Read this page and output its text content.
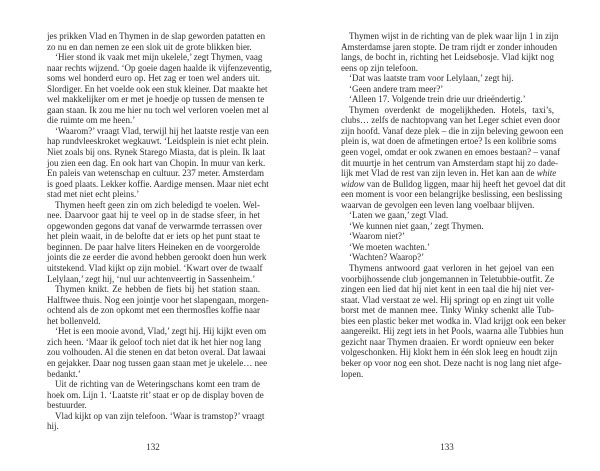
jes prikken Vlad en Thymen in de slap geworden patatten en
zo nu en dan nemen ze een slok uit de grote blikken bier.
‘Hier stond ik vaak met mijn ukelele,’ zegt Thymen, vaag
naar rechts wijzend. ‘Op goeie dagen haalde ik vijfenzeventig,
soms wel honderd euro op. Het zag er toen wel anders uit.
Slordiger. En het voelde ook een stuk kleiner. Dat maakte het
wel makkelijker om er met je hoedje op tussen de mensen te
gaan staan. Ik zou me hier nu toch wel verloren voelen met al
die ruimte om me heen.’
‘Waarom?’ vraagt Vlad, terwijl hij het laatste restje van een
hap rundvleeskroket wegkauwt. ‘Leidsplein is niet echt plein.
Niet zoals bij ons. Rynek Starego Miasta, dat is plein. Ik laat
jou zien een dag. En ook hart van Chopin. In muur van kerk.
En paleis van wetenschap en cultuur. 237 meter. Amsterdam
is goed plaats. Lekker koffie. Aardige mensen. Maar niet echt
stad met niet echt pleins.’
Thymen heeft geen zin om zich beledigd te voelen. Wel-
nee. Daarvoor gaat hij te veel op in de stadse sfeer, in het
opgewonden gegons dat vanaf de verwarmde terrassen over
het plein waait, in de belofte dat er iets op het punt staat te
beginnen. De paar halve liters Heineken en de voorgerolde
joints die ze eerder die avond hebben gerookt doen hun werk
uitstekend. Vlad kijkt op zijn mobiel. ‘Kwart over de twaalf
Lelylaan,’ zegt hij, ‘nul uur achtenveertig in Sassenheim.’
Thymen knikt. Ze hebben de fiets bij het station staan.
Halftwee thuis. Nog een jointje voor het slapengaan, morgen-
ochtend als de zon opkomt met een thermosfles koffie naar
het bollenveld.
‘Het is een mooie avond, Vlad,’ zegt hij. Hij kijkt even om
zich heen. ‘Maar ik geloof toch niet dat ik het hier nog lang
zou volhouden. Al die stenen en dat beton overal. Dat lawaai
en gejakker. Daar nog tussen gaan staan met je ukelele… nee
bedankt.’
Uit de richting van de Weteringschans komt een tram de
hoek om. Lijn 1. ‘Laatste rit’ staat er op de display boven de
bestuurder.
Vlad kijkt op van zijn telefoon. ‘Waar is tramstop?’ vraagt
hij.
132
Thymen wijst in de richting van de plek waar lijn 1 in zijn
Amsterdamse jaren stopte. De tram rijdt er zonder inhouden
langs, de bocht in, richting het Leidsebosje. Vlad kijkt nog
eens op zijn telefoon.
‘Dat was laatste tram voor Lelylaan,’ zegt hij.
‘Geen andere tram meer?’
‘Alleen 17. Volgende trein drie uur drieëndertig.’
Thymen overdenkt de mogelijkheden. Hotels, taxi’s,
clubs… zelfs de nachtopvang van het Leger schiet even door
zijn hoofd. Vanaf deze plek – die in zijn beleving gewoon een
plein is, wat doen de afmetingen ertoe? Is een kolibrie soms
geen vogel, omdat er ook zwanen en emoes bestaan? – vanaf
dit muurtje in het centrum van Amsterdam stapt hij zo dade-
lijk met Vlad de rest van zijn leven in. Het kan aan de white
widow van de Bulldog liggen, maar hij heeft het gevoel dat dit
een moment is voor een belangrijke beslissing, een beslissing
waarvan de gevolgen een leven lang voelbaar blijven.
‘Laten we gaan,’ zegt Vlad.
‘We kunnen niet gaan,’ zegt Thymen.
‘Waarom niet?’
‘We moeten wachten.’
‘Wachten? Waarop?’
Thymens antwoord gaat verloren in het gejoel van een
voorbijhossende club jongemannen in Teletubbie-outfit. Ze
zingen een lied dat hij niet kent in een taal die hij niet ver-
staat. Vlad verstaat ze wel. Hij springt op en zingt uit volle
borst met de mannen mee. Tinky Winky schenkt alle Tub-
bies een plastic beker met wodka in. Vlad krijgt ook een beker
aangereikt. Hij zegt iets in het Pools, waarna alle Tubbies hun
gezicht naar Thymen draaien. Er wordt opnieuw een beker
volgeschonken. Hij klokt hem in één slok leeg en houdt zijn
beker op voor nog een shot. Deze nacht is nog lang niet afge-
lopen.
133
